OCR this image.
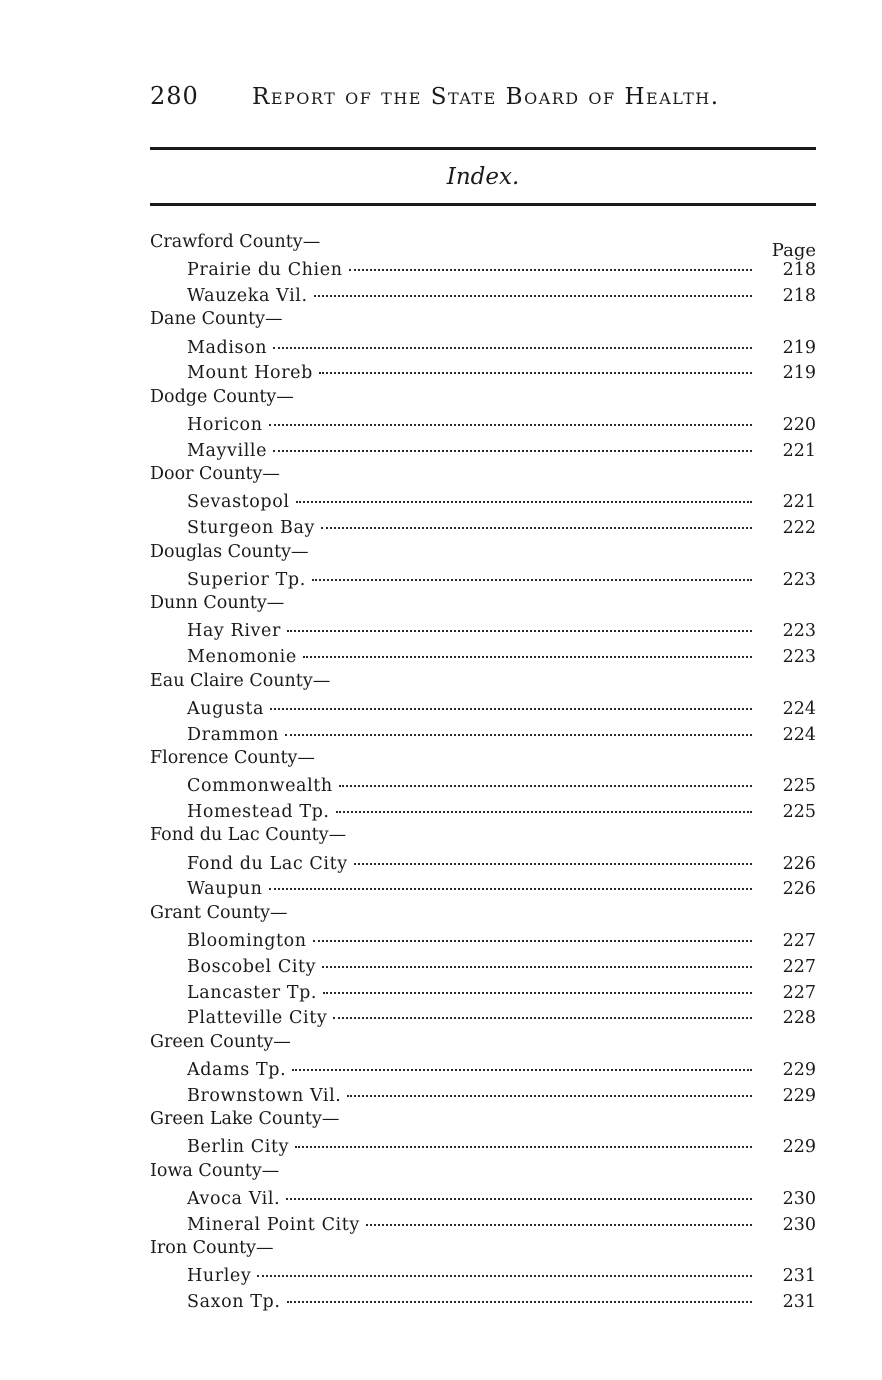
280 Report of the State Board of Health.
Index.
Page
Crawford County—
Prairie du Chien	218
Wauzeka Vil.	218
Dane County—
Madison	219
Mount Horeb	219
Dodge County—
Horicon	220
Mayville	221
Door County—
Sevastopol	221
Sturgeon Bay	222
Douglas County—
Superior Tp.	223
Dunn County—
Hay River	223
Menomonie	223
Eau Claire County—
Augusta	224
Drammon	224
Florence County—
Commonwealth	225
Homestead Tp.	225
Fond du Lac County—
Fond du Lac City	226
Waupun	226
Grant County—
Bloomington	227
Boscobel City	227
Lancaster Tp.	227
Platteville City	228
Green County—
Adams Tp.	229
Brownstown Vil.	229
Green Lake County—
Berlin City	229
Iowa County—
Avoca Vil.	230
Mineral Point City	230
Iron County—
Hurley	231
Saxon Tp.	231
